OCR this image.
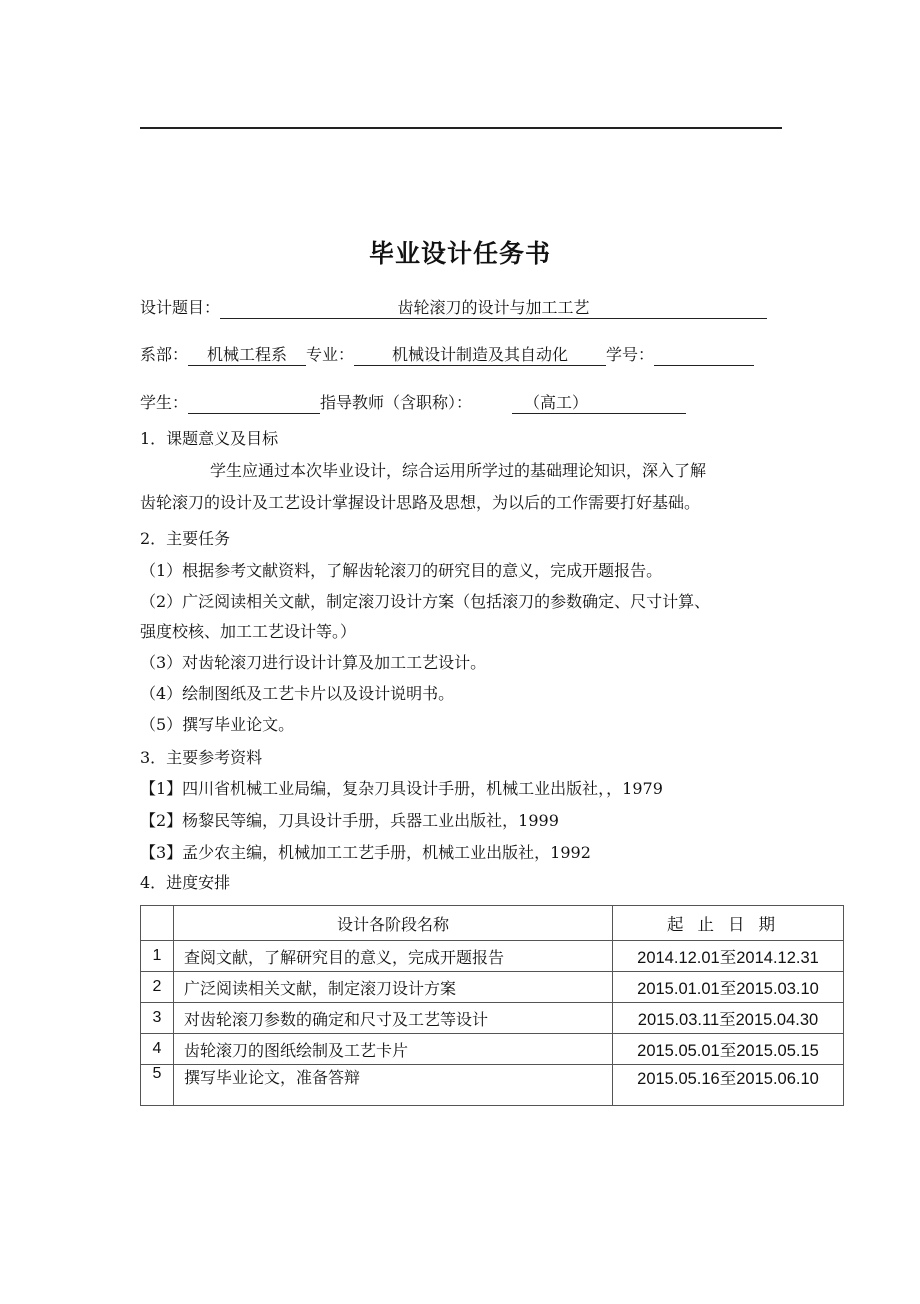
毕业设计任务书
设计题目：	齿轮滚刀的设计与加工工艺
系部： 机械工程系 专业： 机械设计制造及其自动化 学号：
学生：	指导教师（含职称）：	（高工）
1．课题意义及目标
学生应通过本次毕业设计，综合运用所学过的基础理论知识，深入了解
齿轮滚刀的设计及工艺设计掌握设计思路及思想，为以后的工作需要打好基础。
2．主要任务
（1）根据参考文献资料，了解齿轮滚刀的研究目的意义，完成开题报告。
（2）广泛阅读相关文献，制定滚刀设计方案（包括滚刀的参数确定、尺寸计算、
强度校核、加工工艺设计等。）
（3）对齿轮滚刀进行设计计算及加工工艺设计。
（4）绘制图纸及工艺卡片以及设计说明书。
（5）撰写毕业论文。
3．主要参考资料
【1】四川省机械工业局编，复杂刀具设计手册，机械工业出版社，，1979
【2】杨黎民等编，刀具设计手册，兵器工业出版社，1999
【3】孟少农主编，机械加工工艺手册，机械工业出版社，1992
4．进度安排
	设计各阶段名称	起止日期
1	查阅文献，了解研究目的意义，完成开题报告	2014.12.01至2014.12.31
2	广泛阅读相关文献，制定滚刀设计方案	2015.01.01至2015.03.10
3	对齿轮滚刀参数的确定和尺寸及工艺等设计	2015.03.11至2015.04.30
4	齿轮滚刀的图纸绘制及工艺卡片	2015.05.01至2015.05.15
5	撰写毕业论文，准备答辩	2015.05.16至2015.06.10
